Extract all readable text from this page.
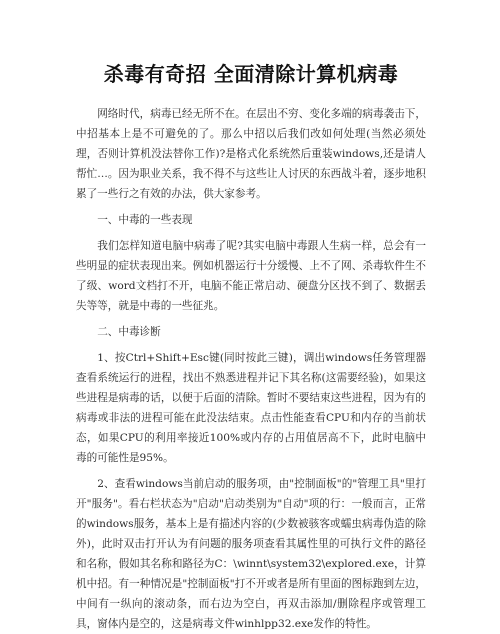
杀毒有奇招 全面清除计算机病毒

网络时代，病毒已经无所不在。在层出不穷、变化多端的病毒袭击下，中招基本上是不可避免的了。那么中招以后我们改如何处理(当然必须处理，否则计算机没法替你工作)?是格式化系统然后重装windows,还是请人帮忙…。因为职业关系，我不得不与这些让人讨厌的东西战斗着，逐步地积累了一些行之有效的办法，供大家参考。

一、中毒的一些表现

我们怎样知道电脑中病毒了呢?其实电脑中毒跟人生病一样，总会有一些明显的症状表现出来。例如机器运行十分缓慢、上不了网、杀毒软件生不了级、word文档打不开，电脑不能正常启动、硬盘分区找不到了、数据丢失等等，就是中毒的一些征兆。

二、中毒诊断

1、按Ctrl+Shift+Esc键(同时按此三键)，调出windows任务管理器查看系统运行的进程，找出不熟悉进程并记下其名称(这需要经验)，如果这些进程是病毒的话，以便于后面的清除。暂时不要结束这些进程，因为有的病毒或非法的进程可能在此没法结束。点击性能查看CPU和内存的当前状态，如果CPU的利用率接近100%或内存的占用值居高不下，此时电脑中毒的可能性是95%。

2、查看windows当前启动的服务项，由"控制面板"的"管理工具"里打开"服务"。看右栏状态为"启动"启动类别为"自动"项的行：一般而言，正常的windows服务，基本上是有描述内容的(少数被骇客或蠕虫病毒伪造的除外)，此时双击打开认为有问题的服务项查看其属性里的可执行文件的路径和名称，假如其名称和路径为C：\winnt\system32\explored.exe，计算机中招。有一种情况是"控制面板"打不开或者是所有里面的图标跑到左边，中间有一纵向的滚动条，而右边为空白，再双击添加/删除程序或管理工具，窗体内是空的，这是病毒文件winhlpp32.exe发作的特性。
